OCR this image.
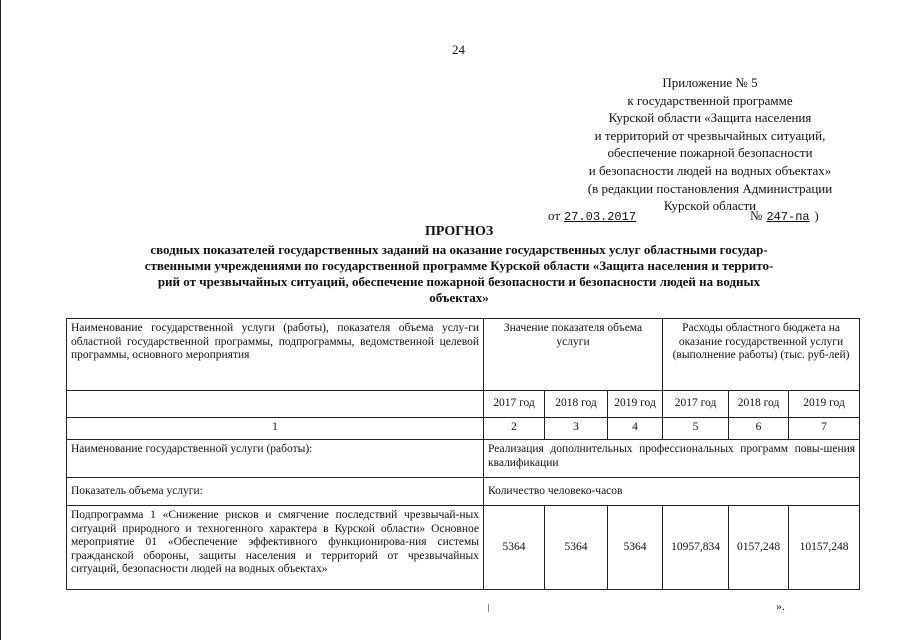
24
Приложение № 5
к государственной программе
Курской области «Защита населения
и территорий от чрезвычайных ситуаций,
обеспечение пожарной безопасности
и безопасности людей на водных объектах»
(в редакции постановления Администрации
Курской области
от 27.03.2017	№ 247-па )
ПРОГНОЗ
сводных показателей государственных заданий на оказание государственных услуг областными государ-
ственными учреждениями по государственной программе Курской области «Защита населения и террито-
рий от чрезвычайных ситуаций, обеспечение пожарной безопасности и безопасности людей на водных
объектах»
Наименование государственной услуги (работы), показателя объема услу-ги областной государственной программы, подпрограммы, ведомственной целевой программы, основного мероприятия	Значение показателя объема услуги			Расходы областного бюджета на оказание государственной услуги (выполнение работы) (тыс. руб-лей)		
	2017 год	2018 год	2019 год	2017 год	2018 год	2019 год
1	2	3	4	5	6	7
Наименование государственной услуги (работы):	Реализация дополнительных профессиональных программ повы-шения квалификации					
Показатель объема услуги:	Количество человеко-часов					
Подпрограмма 1 «Снижение рисков и смягчение последствий чрезвычай-ных ситуаций природного и техногенного характера в Курской области» Основное мероприятие 01 «Обеспечение эффективного функционирова-ния системы гражданской обороны, защиты населения и территорий от чрезвычайных ситуаций, безопасности людей на водных объектах»	5364	5364	5364	10957,834	0157,248	10157,248
».
